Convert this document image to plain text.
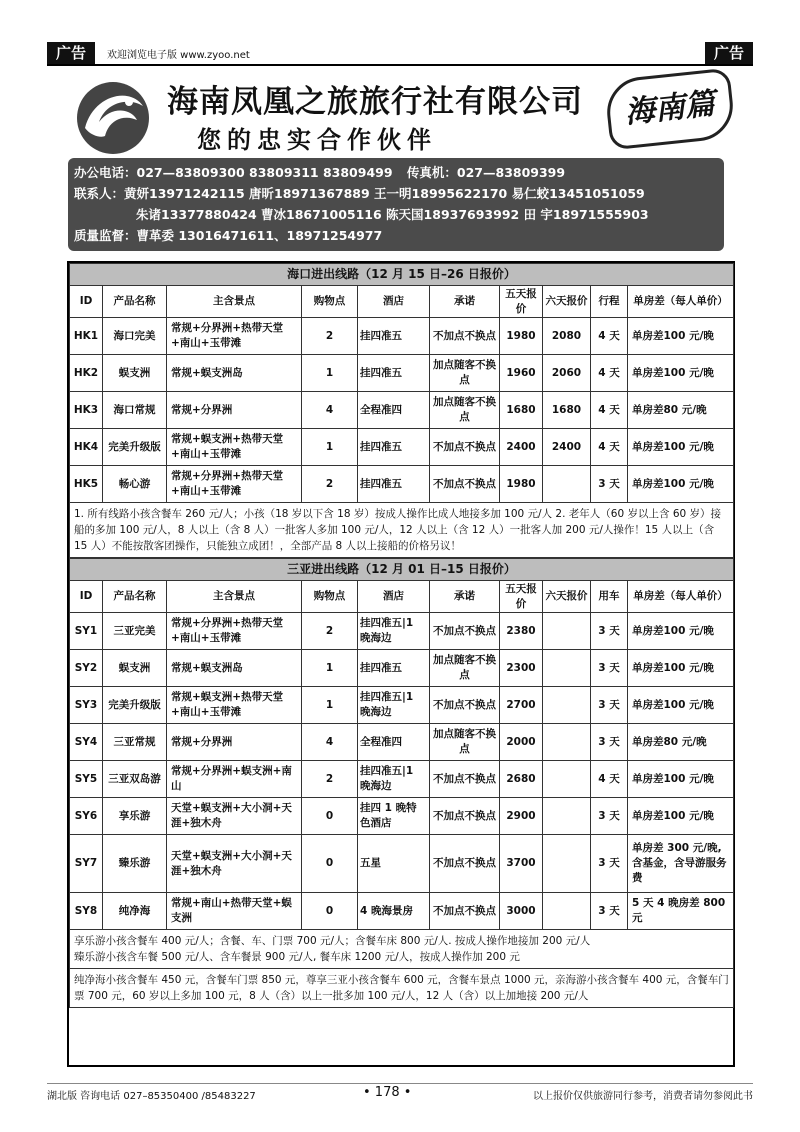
广告	欢迎浏览电子版 www.zyoo.net	广告
海南凤凰之旅旅行社有限公司
您的忠实合作伙伴
海南篇
办公电话：027—83809300 83809311 83809499 传真机：027—83809399
联系人：黄妍13971242115 唐昕18971367889 王一明18995622170 易仁蛟13451051059
朱诸13377880424 曹冰18671005116 陈天国18937693992 田 宇18971555903
质量监督：曹革委 13016471611、18971254977
海口进出线路（12 月 15 日–26 日报价）									
ID	产品名称	主含景点	购物点	酒店	承诺	五天报价	六天报价	行程	单房差（每人单价）
HK1	海口完美	常规+分界洲+热带天堂+南山+玉带滩	2	挂四准五	不加点不换点	1980	2080	4 天	单房差100 元/晚
HK2	蜈支洲	常规+蜈支洲岛	1	挂四准五	加点随客不换点	1960	2060	4 天	单房差100 元/晚
HK3	海口常规	常规+分界洲	4	全程准四	加点随客不换点	1680	1680	4 天	单房差80 元/晚
HK4	完美升级版	常规+蜈支洲+热带天堂+南山+玉带滩	1	挂四准五	不加点不换点	2400	2400	4 天	单房差100 元/晚
HK5	畅心游	常规+分界洲+热带天堂+南山+玉带滩	2	挂四准五	不加点不换点	1980		3 天	单房差100 元/晚
1. 所有线路小孩含餐车 260 元/人；小孩（18 岁以下含 18 岁）按成人操作比成人地接多加 100 元/人 2. 老年人（60 岁以上含 60 岁）接船的多加 100 元/人，8 人以上（含 8 人）一批客人多加 100 元/人，12 人以上（含 12 人）一批客人加 200 元/人操作！15 人以上（含 15 人）不能按散客团操作，只能独立成团！，全部产品 8 人以上接船的价格另议！									
三亚进出线路（12 月 01 日–15 日报价）									
ID	产品名称	主含景点	购物点	酒店	承诺	五天报价	六天报价	用车	单房差（每人单价）
SY1	三亚完美	常规+分界洲+热带天堂+南山+玉带滩	2	挂四准五|1 晚海边	不加点不换点	2380		3 天	单房差100 元/晚
SY2	蜈支洲	常规+蜈支洲岛	1	挂四准五	加点随客不换点	2300		3 天	单房差100 元/晚
SY3	完美升级版	常规+蜈支洲+热带天堂+南山+玉带滩	1	挂四准五|1 晚海边	不加点不换点	2700		3 天	单房差100 元/晚
SY4	三亚常规	常规+分界洲	4	全程准四	加点随客不换点	2000		3 天	单房差80 元/晚
SY5	三亚双岛游	常规+分界洲+蜈支洲+南山	2	挂四准五|1 晚海边	不加点不换点	2680		4 天	单房差100 元/晚
SY6	享乐游	天堂+蜈支洲+大小洞+天涯+独木舟	0	挂四 1 晚特色酒店	不加点不换点	2900		3 天	单房差100 元/晚
SY7	臻乐游	天堂+蜈支洲+大小洞+天涯+独木舟	0	五星	不加点不换点	3700		3 天	单房差 300 元/晚, 含基金，含导游服务费
SY8	纯净海	常规+南山+热带天堂+蜈支洲	0	4 晚海景房	不加点不换点	3000		3 天	5 天 4 晚房差 800 元

享乐游小孩含餐车 400 元/人；含餐、车、门票 700 元/人；含餐车床 800 元/人. 按成人操作地接加 200 元/人
臻乐游小孩含车餐 500 元/人、含车餐景 900 元/人, 餐车床 1200 元/人，按成人操作加 200 元									

纯净海小孩含餐车 450 元，含餐车门票 850 元，尊享三亚小孩含餐车 600 元，含餐车景点 1000 元，亲海游小孩含餐车 400 元，含餐车门票 700 元，60 岁以上多加 100 元，8 人（含）以上一批多加 100 元/人，12 人（含）以上加地接 200 元/人									
湖北版 咨询电话 027–85350400 /85483227	• 178 •	以上报价仅供旅游同行参考，消费者请勿参阅此书
